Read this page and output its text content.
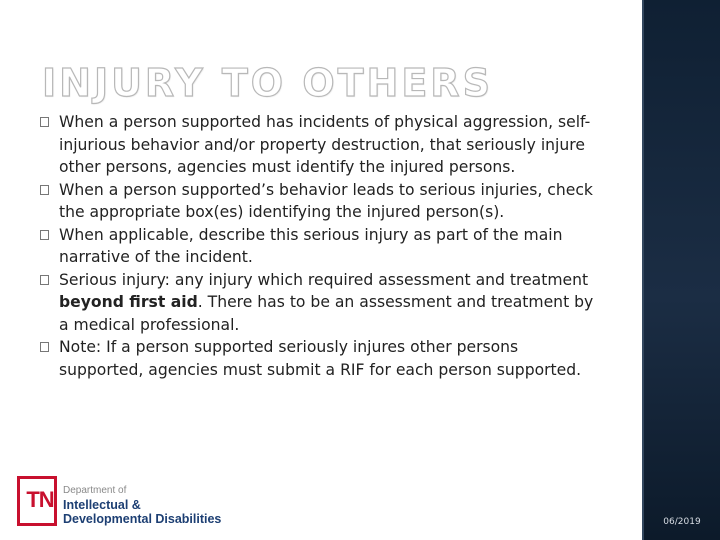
INJURY TO OTHERS
When a person supported has incidents of physical aggression, self-injurious behavior and/or property destruction, that seriously injure other persons, agencies must identify the injured persons.
When a person supported’s behavior leads to serious injuries, check the appropriate box(es) identifying the injured person(s).
When applicable, describe this serious injury as part of the main narrative of the incident.
Serious injury: any injury which required assessment and treatment beyond first aid. There has to be an assessment and treatment by a medical professional.
Note: If a person supported seriously injures other persons supported, agencies must submit a RIF for each person supported.
TN Department of
Intellectual &
Developmental Disabilities	06/2019
